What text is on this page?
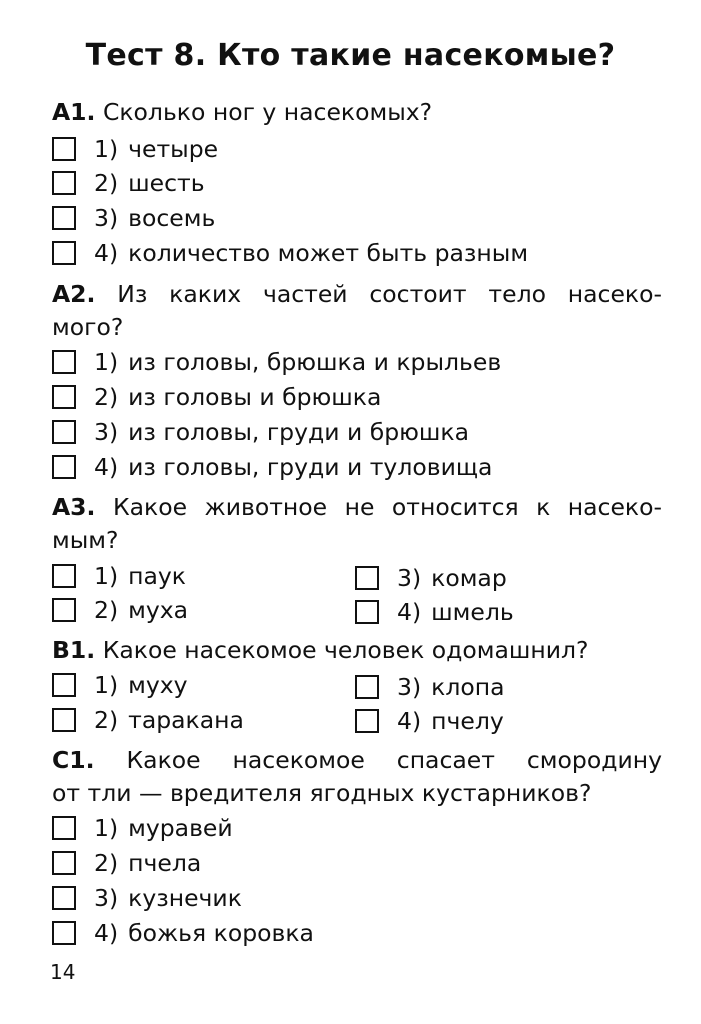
Тест 8. Кто такие насекомые?
А1. Сколько ног у насекомых?
1) четыре
2) шесть
3) восемь
4) количество может быть разным
А2. Из каких частей состоит тело насеко-
мого?
1) из головы, брюшка и крыльев
2) из головы и брюшка
3) из головы, груди и брюшка
4) из головы, груди и туловища
А3. Какое животное не относится к насеко-
мым?
1) паук
2) муха
3) комар
4) шмель
В1. Какое насекомое человек одомашнил?
1) муху
2) таракана
3) клопа
4) пчелу
С1. Какое насекомое спасает смородину
от тли — вредителя ягодных кустарников?
1) муравей
2) пчела
3) кузнечик
4) божья коровка
14
